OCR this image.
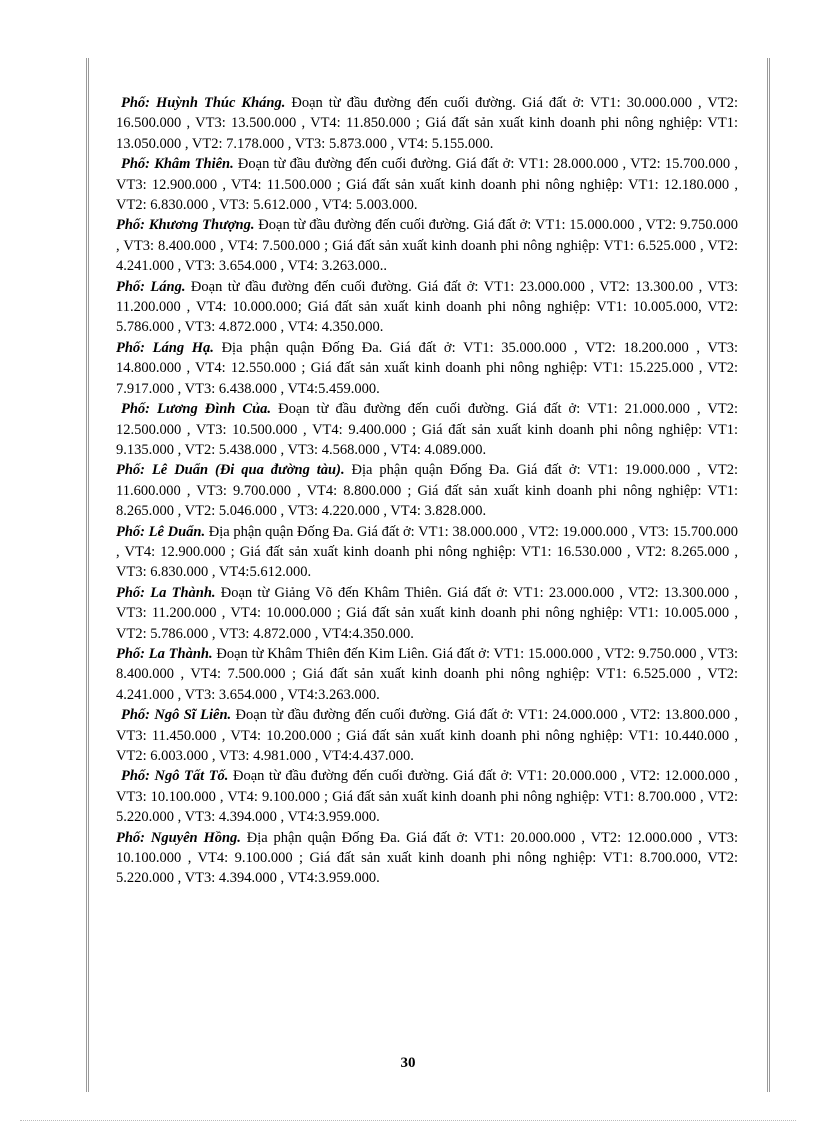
Phố: Huỳnh Thúc Kháng. Đoạn từ đầu đường đến cuối đường. Giá đất ở: VT1: 30.000.000 , VT2: 16.500.000 , VT3: 13.500.000 , VT4: 11.850.000 ; Giá đất sản xuất kinh doanh phi nông nghiệp: VT1: 13.050.000 , VT2: 7.178.000 , VT3: 5.873.000 , VT4: 5.155.000.

Phố: Khâm Thiên. Đoạn từ đầu đường đến cuối đường. Giá đất ở: VT1: 28.000.000 , VT2: 15.700.000 , VT3: 12.900.000 , VT4: 11.500.000 ; Giá đất sản xuất kinh doanh phi nông nghiệp: VT1: 12.180.000 , VT2: 6.830.000 , VT3: 5.612.000 , VT4: 5.003.000.

Phố: Khương Thượng. Đoạn từ đầu đường đến cuối đường. Giá đất ở: VT1: 15.000.000 , VT2: 9.750.000 , VT3: 8.400.000 , VT4: 7.500.000 ; Giá đất sản xuất kinh doanh phi nông nghiệp: VT1: 6.525.000 , VT2: 4.241.000 , VT3: 3.654.000 , VT4: 3.263.000..

Phố: Láng. Đoạn từ đầu đường đến cuối đường. Giá đất ở: VT1: 23.000.000 , VT2: 13.300.00 , VT3: 11.200.000 , VT4: 10.000.000; Giá đất sản xuất kinh doanh phi nông nghiệp: VT1: 10.005.000, VT2: 5.786.000 , VT3: 4.872.000 , VT4: 4.350.000.

Phố: Láng Hạ. Địa phận quận Đống Đa. Giá đất ở: VT1: 35.000.000 , VT2: 18.200.000 , VT3: 14.800.000 , VT4: 12.550.000 ; Giá đất sản xuất kinh doanh phi nông nghiệp: VT1: 15.225.000 , VT2: 7.917.000 , VT3: 6.438.000 , VT4:5.459.000.

Phố: Lương Đình Của. Đoạn từ đầu đường đến cuối đường. Giá đất ở: VT1: 21.000.000 , VT2: 12.500.000 , VT3: 10.500.000 , VT4: 9.400.000 ; Giá đất sản xuất kinh doanh phi nông nghiệp: VT1: 9.135.000 , VT2: 5.438.000 , VT3: 4.568.000 , VT4: 4.089.000.

Phố: Lê Duẩn (Đi qua đường tàu). Địa phận quận Đống Đa. Giá đất ở: VT1: 19.000.000 , VT2: 11.600.000 , VT3: 9.700.000 , VT4: 8.800.000 ; Giá đất sản xuất kinh doanh phi nông nghiệp: VT1: 8.265.000 , VT2: 5.046.000 , VT3: 4.220.000 , VT4: 3.828.000.

Phố: Lê Duẩn. Địa phận quận Đống Đa. Giá đất ở: VT1: 38.000.000 , VT2: 19.000.000 , VT3: 15.700.000 , VT4: 12.900.000 ; Giá đất sản xuất kinh doanh phi nông nghiệp: VT1: 16.530.000 , VT2: 8.265.000 , VT3: 6.830.000 , VT4:5.612.000.

Phố: La Thành. Đoạn từ Giảng Võ đến Khâm Thiên. Giá đất ở: VT1: 23.000.000 , VT2: 13.300.000 , VT3: 11.200.000 , VT4: 10.000.000 ; Giá đất sản xuất kinh doanh phi nông nghiệp: VT1: 10.005.000 , VT2: 5.786.000 , VT3: 4.872.000 , VT4:4.350.000.

Phố: La Thành. Đoạn từ Khâm Thiên đến Kim Liên. Giá đất ở: VT1: 15.000.000 , VT2: 9.750.000 , VT3: 8.400.000 , VT4: 7.500.000 ; Giá đất sản xuất kinh doanh phi nông nghiệp: VT1: 6.525.000 , VT2: 4.241.000 , VT3: 3.654.000 , VT4:3.263.000.

Phố: Ngô Sĩ Liên. Đoạn từ đầu đường đến cuối đường. Giá đất ở: VT1: 24.000.000 , VT2: 13.800.000 , VT3: 11.450.000 , VT4: 10.200.000 ; Giá đất sản xuất kinh doanh phi nông nghiệp: VT1: 10.440.000 , VT2: 6.003.000 , VT3: 4.981.000 , VT4:4.437.000.

Phố: Ngô Tất Tố. Đoạn từ đầu đường đến cuối đường. Giá đất ở: VT1: 20.000.000 , VT2: 12.000.000 , VT3: 10.100.000 , VT4: 9.100.000 ; Giá đất sản xuất kinh doanh phi nông nghiệp: VT1: 8.700.000 , VT2: 5.220.000 , VT3: 4.394.000 , VT4:3.959.000.

Phố: Nguyên Hồng. Địa phận quận Đống Đa. Giá đất ở: VT1: 20.000.000 , VT2: 12.000.000 , VT3: 10.100.000 , VT4: 9.100.000 ; Giá đất sản xuất kinh doanh phi nông nghiệp: VT1: 8.700.000, VT2: 5.220.000 , VT3: 4.394.000 , VT4:3.959.000.

30
